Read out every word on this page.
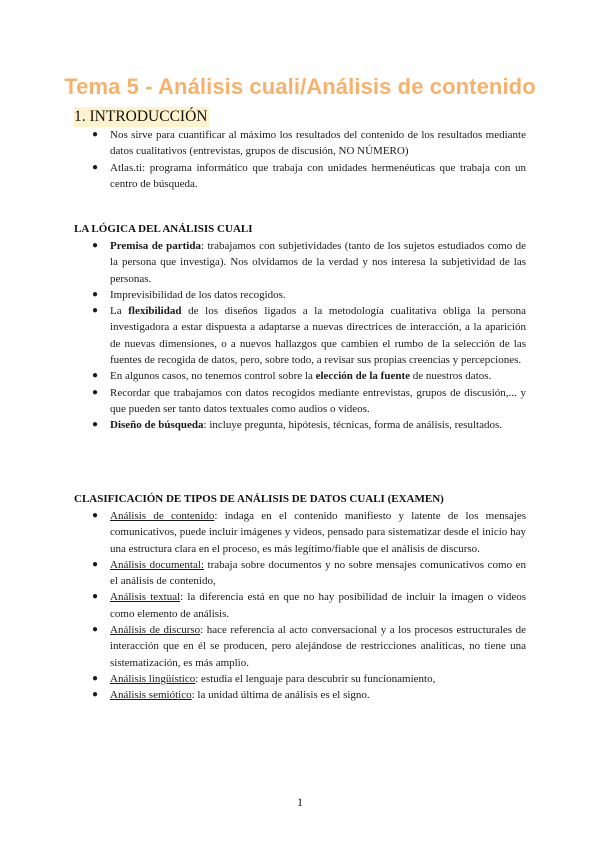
Tema 5 - Análisis cuali/Análisis de contenido
1. INTRODUCCIÓN
● Nos sirve para cuantificar al máximo los resultados del contenido de los resultados mediante datos cualitativos (entrevistas, grupos de discusión, NO NÚMERO)
● Atlas.ti: programa informático que trabaja con unidades hermenéuticas que trabaja con un centro de búsqueda.
LA LÓGICA DEL ANÁLISIS CUALI
● Premisa de partida: trabajamos con subjetividades (tanto de los sujetos estudiados como de la persona que investiga). Nos olvidamos de la verdad y nos interesa la subjetividad de las personas.
● Imprevisibilidad de los datos recogidos.
● La flexibilidad de los diseños ligados a la metodología cualitativa obliga la persona investigadora a estar dispuesta a adaptarse a nuevas directrices de interacción, a la aparición de nuevas dimensiones, o a nuevos hallazgos que cambien el rumbo de la selección de las fuentes de recogida de datos, pero, sobre todo, a revisar sus propias creencias y percepciones.
● En algunos casos, no tenemos control sobre la elección de la fuente de nuestros datos.
● Recordar que trabajamos con datos recogidos mediante entrevistas, grupos de discusión,... y que pueden ser tanto datos textuales como audios o videos.
● Diseño de búsqueda: incluye pregunta, hipótesis, técnicas, forma de análisis, resultados.
CLASIFICACIÓN DE TIPOS DE ANÁLISIS DE DATOS CUALI (EXAMEN)
● Análisis de contenido: indaga en el contenido manifiesto y latente de los mensajes comunicativos, puede incluir imágenes y videos, pensado para sistematizar desde el inicio hay una estructura clara en el proceso, es más legítimo/fiable que el análisis de discurso.
● Análisis documental: trabaja sobre documentos y no sobre mensajes comunicativos como en el análisis de contenido,
● Análisis textual: la diferencia está en que no hay posibilidad de incluir la imagen o videos como elemento de análisis.
● Análisis de discurso: hace referencia al acto conversacional y a los procesos estructurales de interacción que en él se producen, pero alejándose de restricciones analíticas, no tiene una sistematización, es más amplio.
● Análisis lingüístico: estudia el lenguaje para descubrir su funcionamiento,
● Análisis semiótico: la unidad última de análisis es el signo.
1
